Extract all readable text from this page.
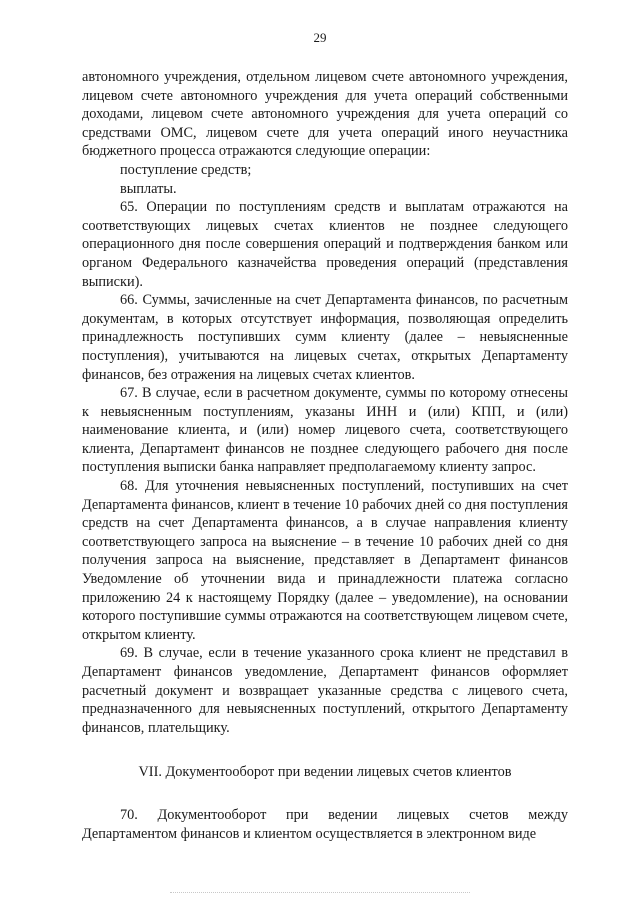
29

автономного учреждения, отдельном лицевом счете автономного учреждения, лицевом счете автономного учреждения для учета операций собственными доходами, лицевом счете автономного учреждения для учета операций со средствами ОМС, лицевом счете для учета операций иного неучастника бюджетного процесса отражаются следующие операции:

поступление средств;

выплаты.

65. Операции по поступлениям средств и выплатам отражаются на соответствующих лицевых счетах клиентов не позднее следующего операционного дня после совершения операций и подтверждения банком или органом Федерального казначейства проведения операций (представления выписки).

66. Суммы, зачисленные на счет Департамента финансов, по расчетным документам, в которых отсутствует информация, позволяющая определить принадлежность поступивших сумм клиенту (далее – невыясненные поступления), учитываются на лицевых счетах, открытых Департаменту финансов, без отражения на лицевых счетах клиентов.

67. В случае, если в расчетном документе, суммы по которому отнесены к невыясненным поступлениям, указаны ИНН и (или) КПП, и (или) наименование клиента, и (или) номер лицевого счета, соответствующего клиента, Департамент финансов не позднее следующего рабочего дня после поступления выписки банка направляет предполагаемому клиенту запрос.

68. Для уточнения невыясненных поступлений, поступивших на счет Департамента финансов, клиент в течение 10 рабочих дней со дня поступления средств на счет Департамента финансов, а в случае направления клиенту соответствующего запроса на выяснение – в течение 10 рабочих дней со дня получения запроса на выяснение, представляет в Департамент финансов Уведомление об уточнении вида и принадлежности платежа согласно приложению 24 к настоящему Порядку (далее – уведомление), на основании которого поступившие суммы отражаются на соответствующем лицевом счете, открытом клиенту.

69. В случае, если в течение указанного срока клиент не представил в Департамент финансов уведомление, Департамент финансов оформляет расчетный документ и возвращает указанные средства с лицевого счета, предназначенного для невыясненных поступлений, открытого Департаменту финансов, плательщику.

VII. Документооборот при ведении лицевых счетов клиентов

70. Документооборот при ведении лицевых счетов между Департаментом финансов и клиентом осуществляется в электронном виде
